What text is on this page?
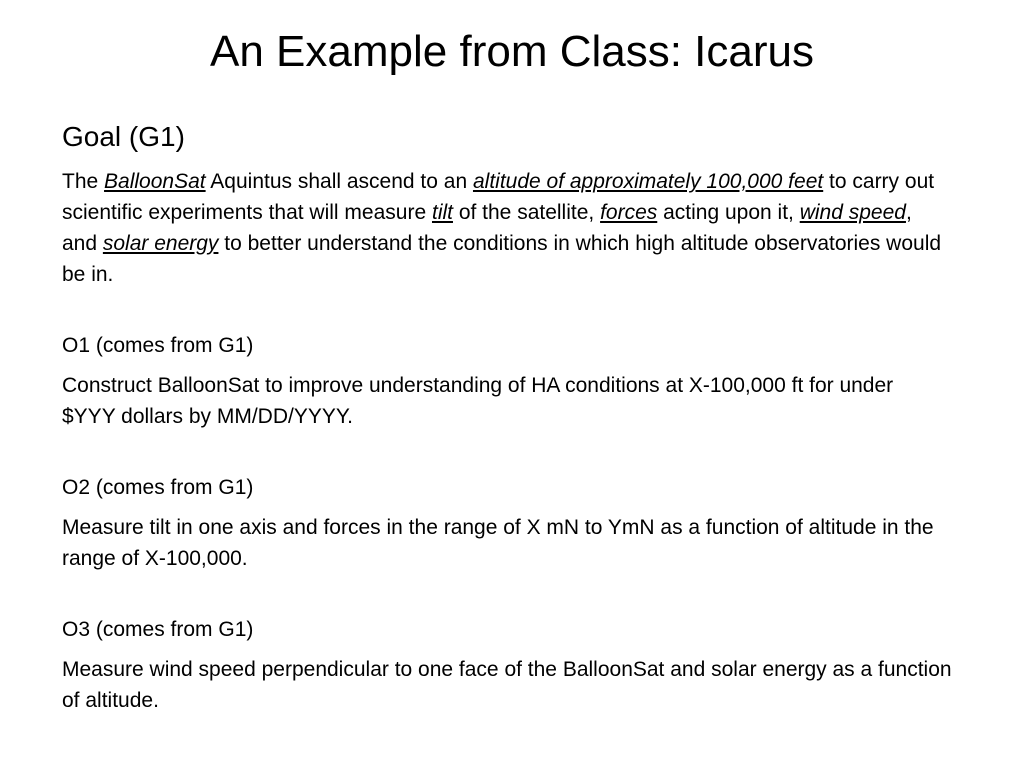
An Example from Class: Icarus
Goal (G1)

The BalloonSat Aquintus shall ascend to an altitude of approximately 100,000 feet to carry out scientific experiments that will measure tilt of the satellite, forces acting upon it, wind speed, and solar energy to better understand the conditions in which high altitude observatories would be in.

O1 (comes from G1)

Construct BalloonSat to improve understanding of HA conditions at X-100,000 ft for under $YYY dollars by MM/DD/YYYY.

O2 (comes from G1)

Measure tilt in one axis and forces in the range of X mN to YmN as a function of altitude in the range of X-100,000.

O3 (comes from G1)

Measure wind speed perpendicular to one face of the BalloonSat and solar energy as a function of altitude.
